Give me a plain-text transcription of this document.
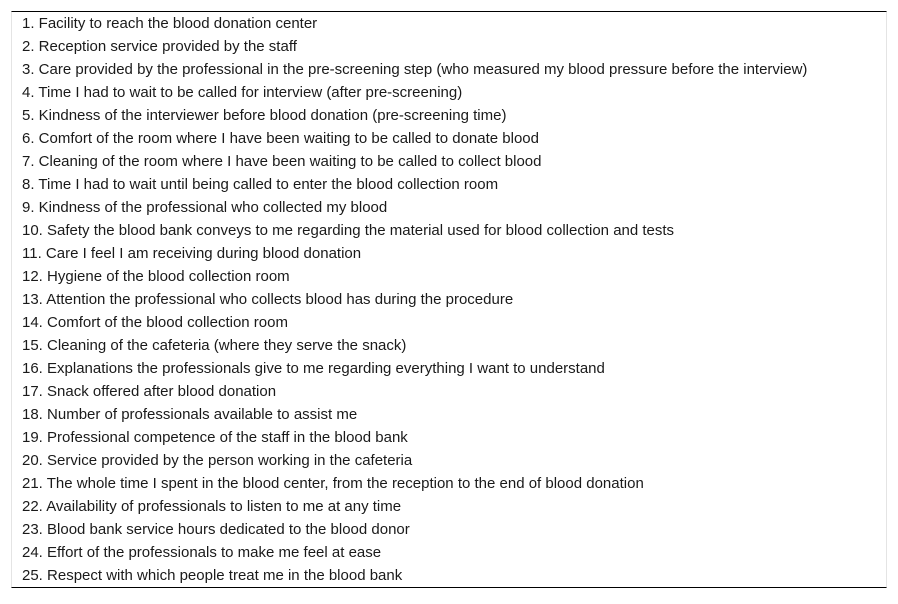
1. Facility to reach the blood donation center
2. Reception service provided by the staff
3. Care provided by the professional in the pre-screening step (who measured my blood pressure before the interview)
4. Time I had to wait to be called for interview (after pre-screening)
5. Kindness of the interviewer before blood donation (pre-screening time)
6. Comfort of the room where I have been waiting to be called to donate blood
7. Cleaning of the room where I have been waiting to be called to collect blood
8. Time I had to wait until being called to enter the blood collection room
9. Kindness of the professional who collected my blood
10. Safety the blood bank conveys to me regarding the material used for blood collection and tests
11. Care I feel I am receiving during blood donation
12. Hygiene of the blood collection room
13. Attention the professional who collects blood has during the procedure
14. Comfort of the blood collection room
15. Cleaning of the cafeteria (where they serve the snack)
16. Explanations the professionals give to me regarding everything I want to understand
17. Snack offered after blood donation
18. Number of professionals available to assist me
19. Professional competence of the staff in the blood bank
20. Service provided by the person working in the cafeteria
21. The whole time I spent in the blood center, from the reception to the end of blood donation
22. Availability of professionals to listen to me at any time
23. Blood bank service hours dedicated to the blood donor
24. Effort of the professionals to make me feel at ease
25. Respect with which people treat me in the blood bank
